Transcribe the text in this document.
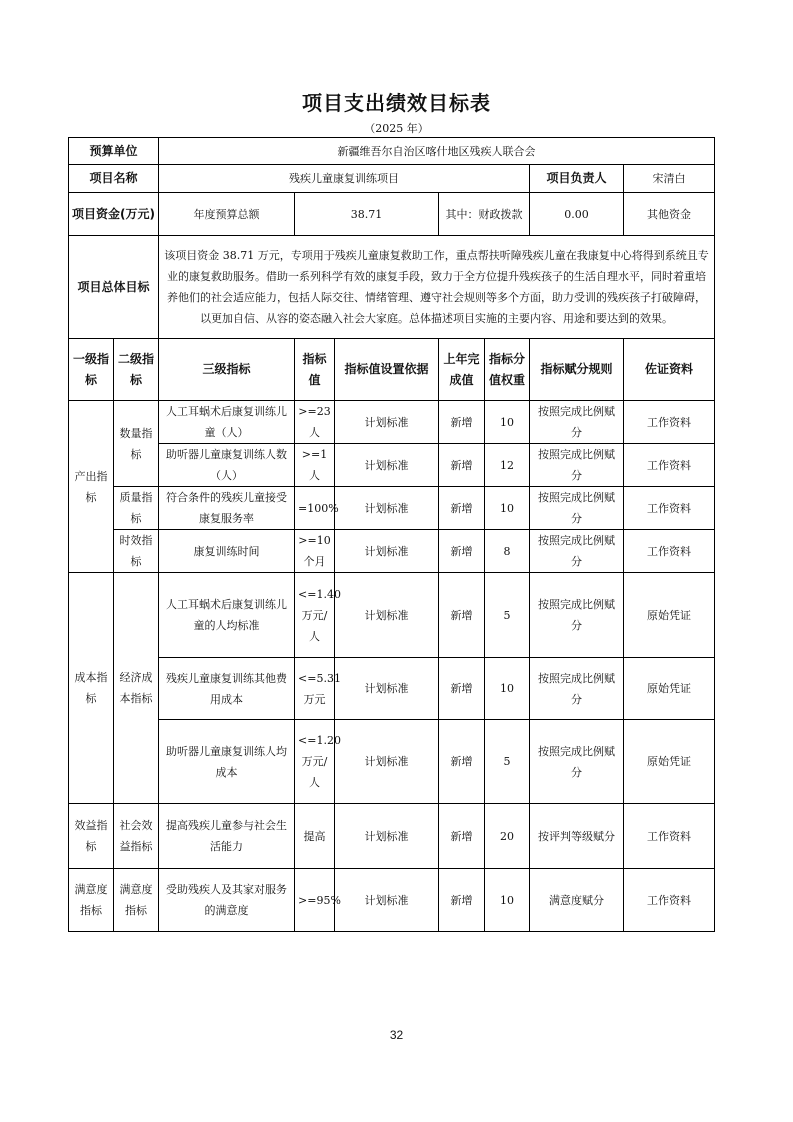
项目支出绩效目标表
（2025 年）
预算单位		新疆维吾尔自治区喀什地区残疾人联合会							
项目名称		残疾儿童康复训练项目					项目负责人	宋清白	
项目资金(万元)		年度预算总额	38.71		其中：财政拨款		0.00	其他资金	
项目总体目标		该项目资金 38.71 万元，专项用于残疾儿童康复救助工作，重点帮扶听障残疾儿童在我康复中心将得到系统且专业的康复救助服务。借助一系列科学有效的康复手段，致力于全方位提升残疾孩子的生活自理水平，同时着重培养他们的社会适应能力，包括人际交往、情绪管理、遵守社会规则等多个方面，助力受训的残疾孩子打破障碍，以更加自信、从容的姿态融入社会大家庭。总体描述项目实施的主要内容、用途和要达到的效果。							
一级指标	二级指标	三级指标	指标值	指标值设置依据	上年完成值	指标分值权重	指标赋分规则	佐证资料	
产出指标	数量指标	人工耳蜗术后康复训练儿童（人）	>=23人	计划标准	新增	10	按照完成比例赋分	工作资料	
		助听器儿童康复训练人数（人）	>=1人	计划标准	新增	12	按照完成比例赋分	工作资料	
	质量指标	符合条件的残疾儿童接受康复服务率	=100%	计划标准	新增	10	按照完成比例赋分	工作资料	
	时效指标	康复训练时间	>=10个月	计划标准	新增	8	按照完成比例赋分	工作资料	
成本指标	经济成本指标	人工耳蜗术后康复训练儿童的人均标准	<=1.40万元/人	计划标准	新增	5	按照完成比例赋分	原始凭证	
		残疾儿童康复训练其他费用成本	<=5.31万元	计划标准	新增	10	按照完成比例赋分	原始凭证	
		助听器儿童康复训练人均成本	<=1.20万元/人	计划标准	新增	5	按照完成比例赋分	原始凭证	
效益指标	社会效益指标	提高残疾儿童参与社会生活能力	提高	计划标准	新增	20	按评判等级赋分	工作资料	
满意度指标	满意度指标	受助残疾人及其家对服务的满意度	>=95%	计划标准	新增	10	满意度赋分	工作资料	
32
